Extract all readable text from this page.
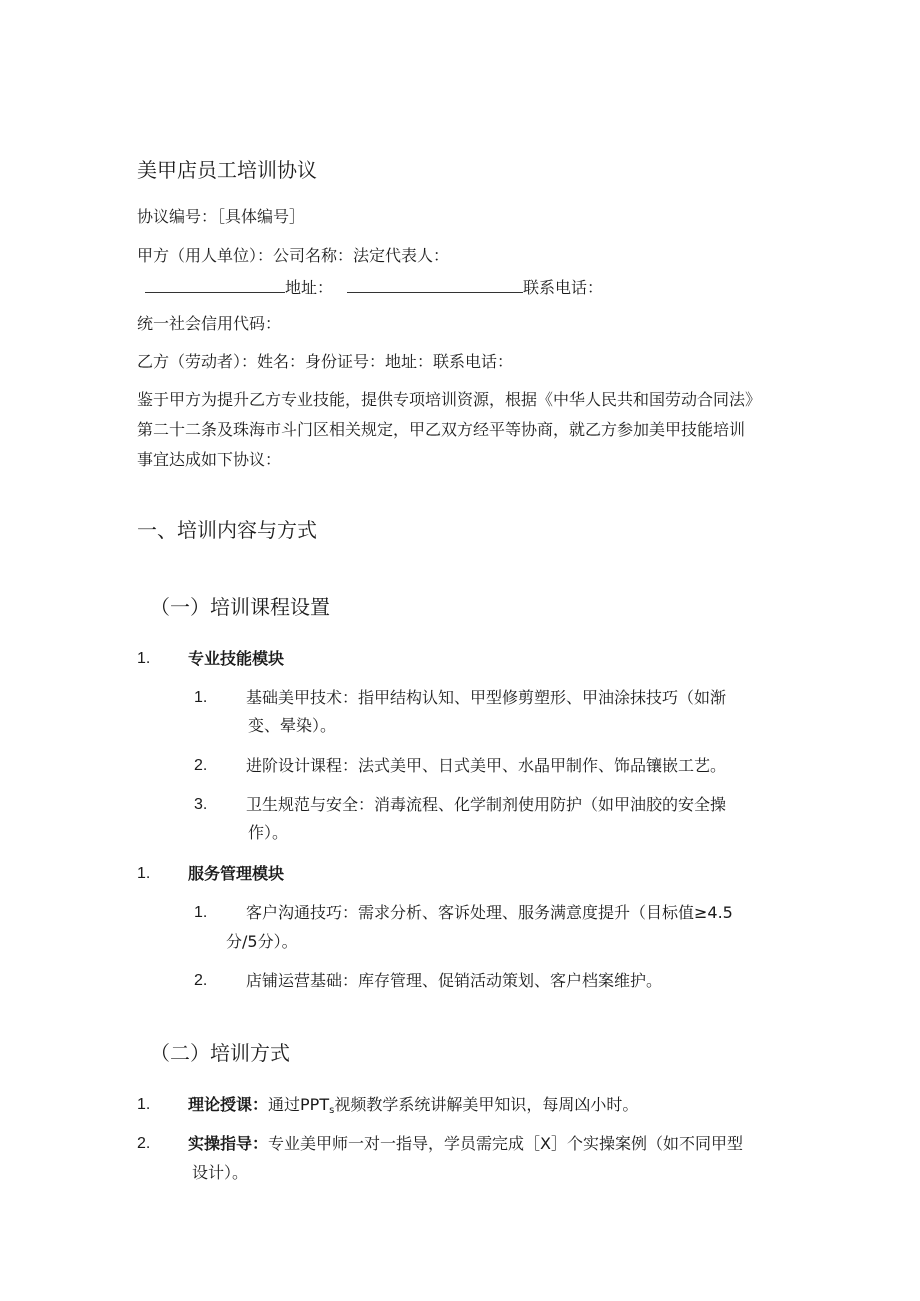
美甲店员工培训协议
协议编号：［具体编号］
甲方（用人单位）：公司名称：法定代表人：
地址：	联系电话：
统一社会信用代码：
乙方（劳动者）：姓名：身份证号：地址：联系电话：
鉴于甲方为提升乙方专业技能，提供专项培训资源，根据《中华人民共和国劳动合同法》
第二十二条及珠海市斗门区相关规定，甲乙双方经平等协商，就乙方参加美甲技能培训
事宜达成如下协议：
一、培训内容与方式
（一）培训课程设置
1. 专业技能模块
1. 基础美甲技术：指甲结构认知、甲型修剪塑形、甲油涂抹技巧（如渐
变、晕染）。
2. 进阶设计课程：法式美甲、日式美甲、水晶甲制作、饰品镶嵌工艺。
3. 卫生规范与安全：消毒流程、化学制剂使用防护（如甲油胶的安全操
作）。
1. 服务管理模块
1. 客户沟通技巧：需求分析、客诉处理、服务满意度提升（目标值≥4.5
分/5分）。
2. 店铺运营基础：库存管理、促销活动策划、客户档案维护。
（二）培训方式
1. 理论授课：通过$PPT_s$视频教学系统讲解美甲知识，每周凶小时。
2. 实操指导：专业美甲师一对一指导，学员需完成［X］个实操案例（如不同甲型
设计）。
